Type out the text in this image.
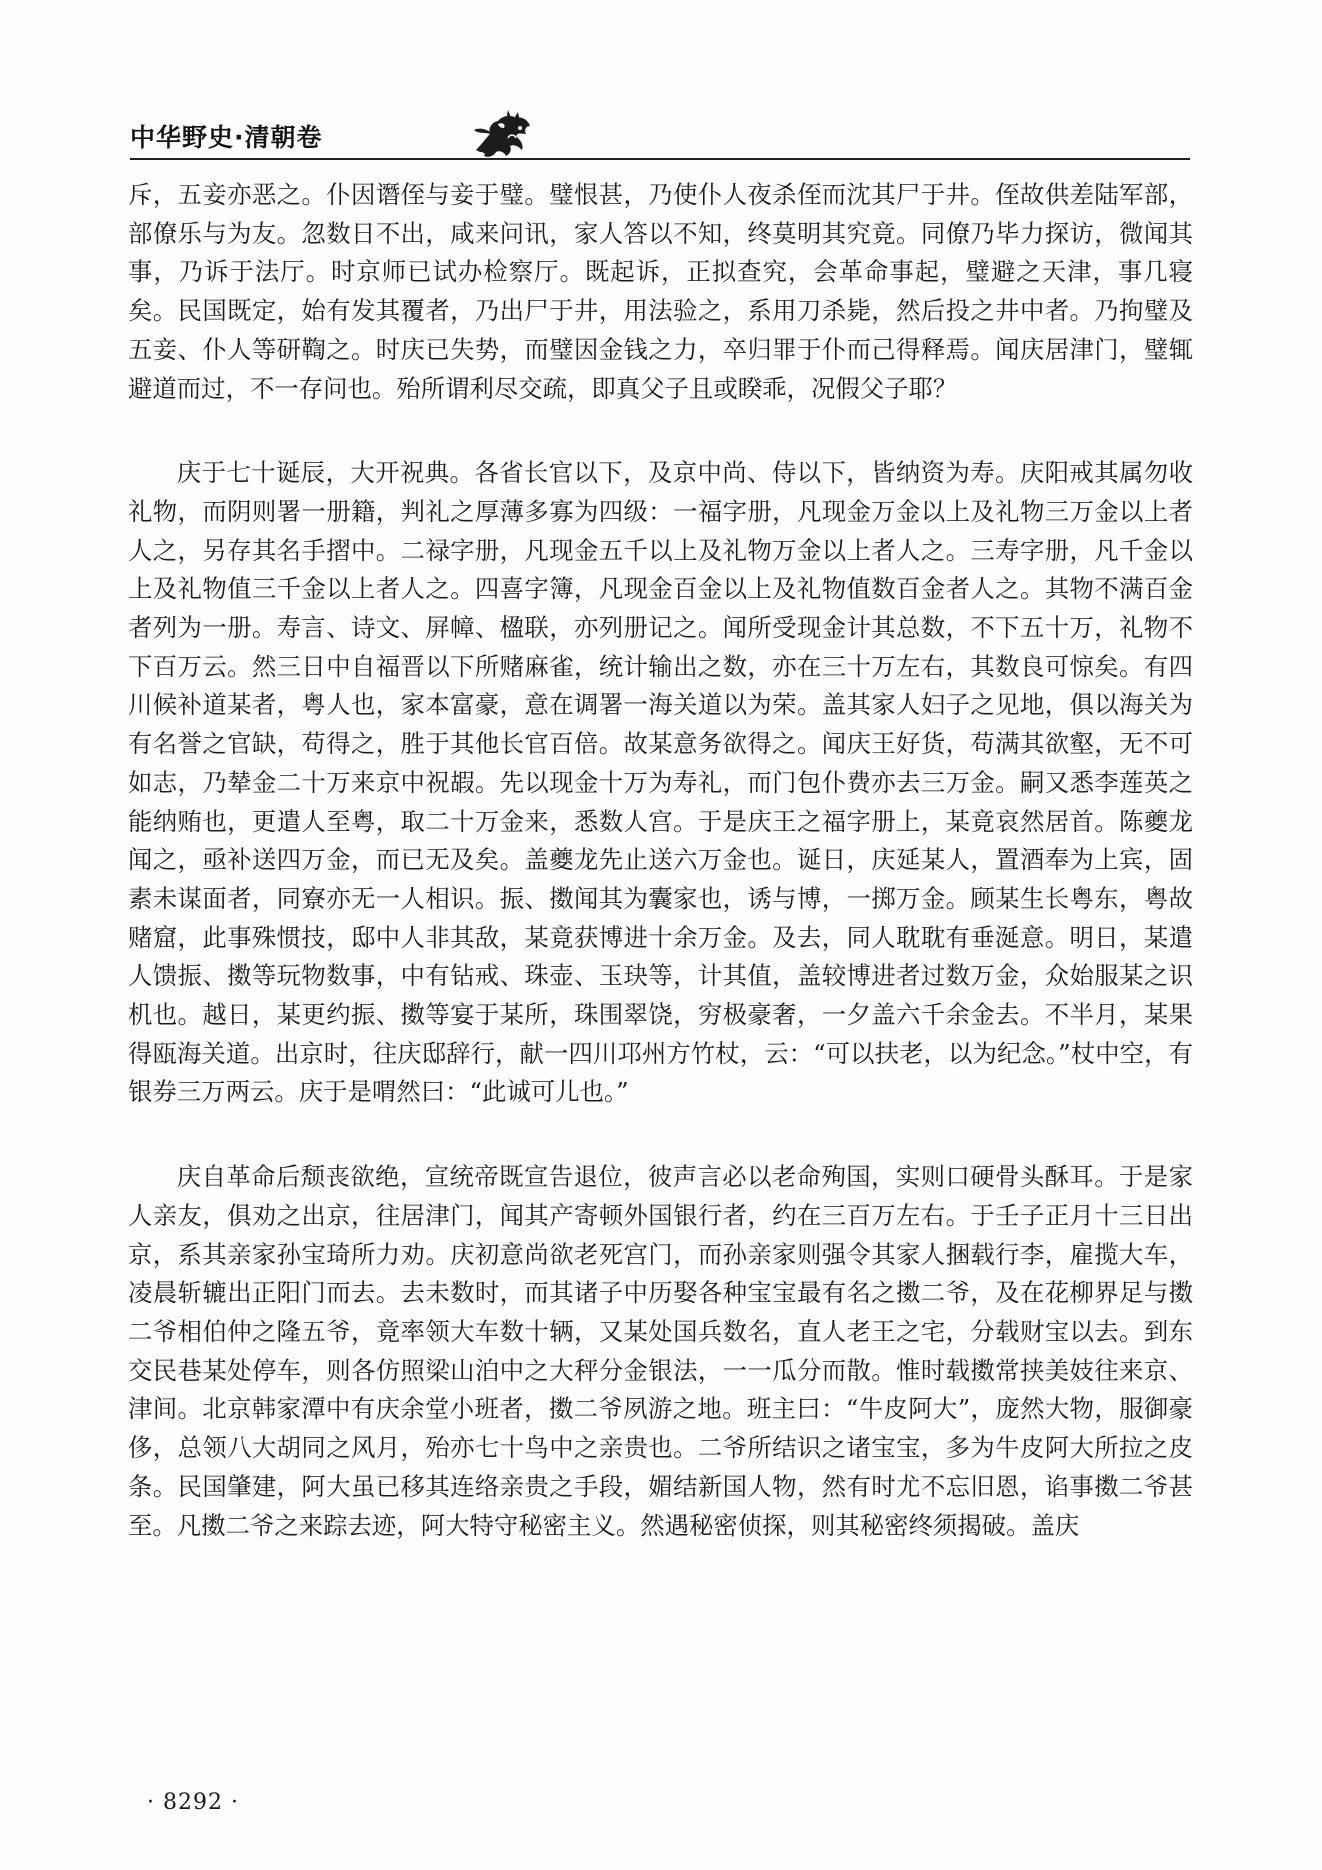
中华野史·清朝卷

斥，五妾亦恶之。仆因谮侄与妾于璧。璧恨甚，乃使仆人夜杀侄而沈其尸于井。侄故供差陆军部，部僚乐与为友。忽数日不出，咸来问讯，家人答以不知，终莫明其究竟。同僚乃毕力探访，微闻其事，乃诉于法厅。时京师已试办检察厅。既起诉，正拟查究，会革命事起，璧避之天津，事几寝矣。民国既定，始有发其覆者，乃出尸于井，用法验之，系用刀杀毙，然后投之井中者。乃拘璧及五妾、仆人等研鞫之。时庆已失势，而璧因金钱之力，卒归罪于仆而己得释焉。闻庆居津门，璧辄避道而过，不一存问也。殆所谓利尽交疏，即真父子且或睽乖，况假父子耶？

庆于七十诞辰，大开祝典。各省长官以下，及京中尚、侍以下，皆纳资为寿。庆阳戒其属勿收礼物，而阴则署一册籍，判礼之厚薄多寡为四级：一福字册，凡现金万金以上及礼物三万金以上者人之，另存其名手摺中。二禄字册，凡现金五千以上及礼物万金以上者人之。三寿字册，凡千金以上及礼物值三千金以上者人之。四喜字簿，凡现金百金以上及礼物值数百金者人之。其物不满百金者列为一册。寿言、诗文、屏幛、楹联，亦列册记之。闻所受现金计其总数，不下五十万，礼物不下百万云。然三日中自福晋以下所赌麻雀，统计输出之数，亦在三十万左右，其数良可惊矣。有四川候补道某者，粤人也，家本富豪，意在调署一海关道以为荣。盖其家人妇子之见地，俱以海关为有名誉之官缺，苟得之，胜于其他长官百倍。故某意务欲得之。闻庆王好货，苟满其欲壑，无不可如志，乃辇金二十万来京中祝嘏。先以现金十万为寿礼，而门包仆费亦去三万金。嗣又悉李莲英之能纳贿也，更遣人至粤，取二十万金来，悉数人宫。于是庆王之福字册上，某竟哀然居首。陈夔龙闻之，亟补送四万金，而已无及矣。盖夔龙先止送六万金也。诞日，庆延某人，置酒奉为上宾，固素未谋面者，同寮亦无一人相识。振、擞闻其为囊家也，诱与博，一掷万金。顾某生长粤东，粤故赌窟，此事殊惯技，邸中人非其敌，某竟获博进十余万金。及去，同人耽耽有垂涎意。明日，某遣人馈振、擞等玩物数事，中有钻戒、珠壶、玉玦等，计其值，盖较博进者过数万金，众始服某之识机也。越日，某更约振、擞等宴于某所，珠围翠饶，穷极豪奢，一夕盖六千余金去。不半月，某果得瓯海关道。出京时，往庆邸辞行，献一四川邛州方竹杖，云：“可以扶老，以为纪念。”杖中空，有银券三万两云。庆于是喟然曰：“此诚可儿也。”

庆自革命后颓丧欲绝，宣统帝既宣告退位，彼声言必以老命殉国，实则口硬骨头酥耳。于是家人亲友，俱劝之出京，往居津门，闻其产寄顿外国银行者，约在三百万左右。于壬子正月十三日出京，系其亲家孙宝琦所力劝。庆初意尚欲老死宫门，而孙亲家则强令其家人捆载行李，雇揽大车，凌晨斩辘出正阳门而去。去未数时，而其诸子中历娶各种宝宝最有名之擞二爷，及在花柳界足与擞二爷相伯仲之隆五爷，竟率领大车数十辆，又某处国兵数名，直人老王之宅，分载财宝以去。到东交民巷某处停车，则各仿照梁山泊中之大秤分金银法，一一瓜分而散。惟时载擞常挟美妓往来京、津间。北京韩家潭中有庆余堂小班者，擞二爷夙游之地。班主曰：“牛皮阿大”，庞然大物，服御豪侈，总领八大胡同之风月，殆亦七十鸟中之亲贵也。二爷所结识之诸宝宝，多为牛皮阿大所拉之皮条。民国肇建，阿大虽已移其连络亲贵之手段，媚结新国人物，然有时尤不忘旧恩，谄事擞二爷甚至。凡擞二爷之来踪去迹，阿大特守秘密主义。然遇秘密侦探，则其秘密终须揭破。盖庆

· 8292 ·
